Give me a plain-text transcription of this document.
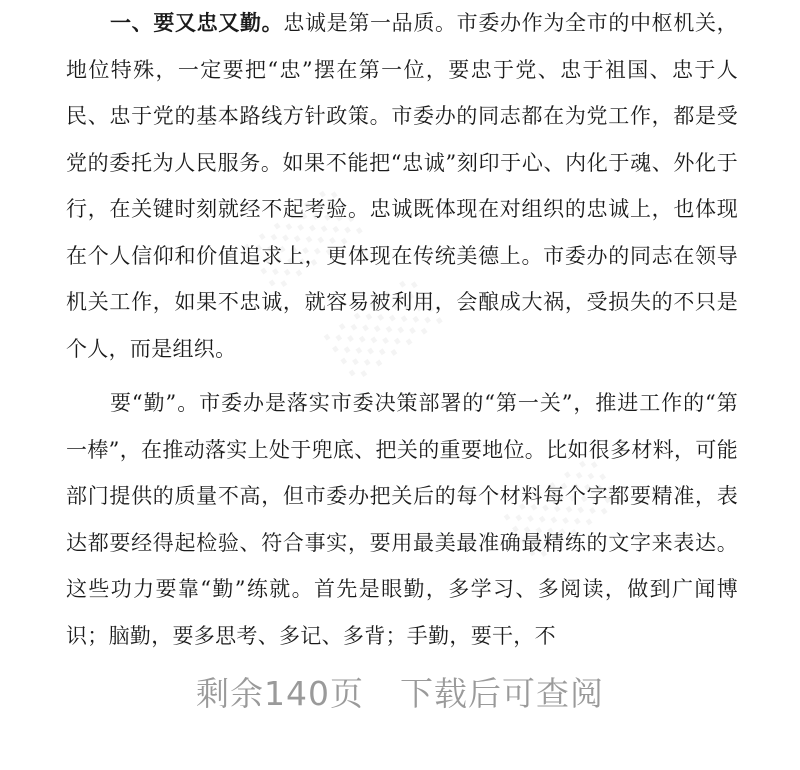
░░░
░░░
░░░

一、要又忠又勤。忠诚是第一品质。市委办作为全市的中枢机关，地位特殊，一定要把“忠”摆在第一位，要忠于党、忠于祖国、忠于人民、忠于党的基本路线方针政策。市委办的同志都在为党工作，都是受党的委托为人民服务。如果不能把“忠诚”刻印于心、内化于魂、外化于行，在关键时刻就经不起考验。忠诚既体现在对组织的忠诚上，也体现在个人信仰和价值追求上，更体现在传统美德上。市委办的同志在领导机关工作，如果不忠诚，就容易被利用，会酿成大祸，受损失的不只是个人，而是组织。

要“勤”。市委办是落实市委决策部署的“第一关”，推进工作的“第一棒”，在推动落实上处于兜底、把关的重要地位。比如很多材料，可能部门提供的质量不高，但市委办把关后的每个材料每个字都要精准，表达都要经得起检验、符合事实，要用最美最准确最精练的文字来表达。这些功力要靠“勤”练就。首先是眼勤，多学习、多阅读，做到广闻博识；脑勤，要多思考、多记、多背；手勤，要干，不

剩余140页 下载后可查阅
